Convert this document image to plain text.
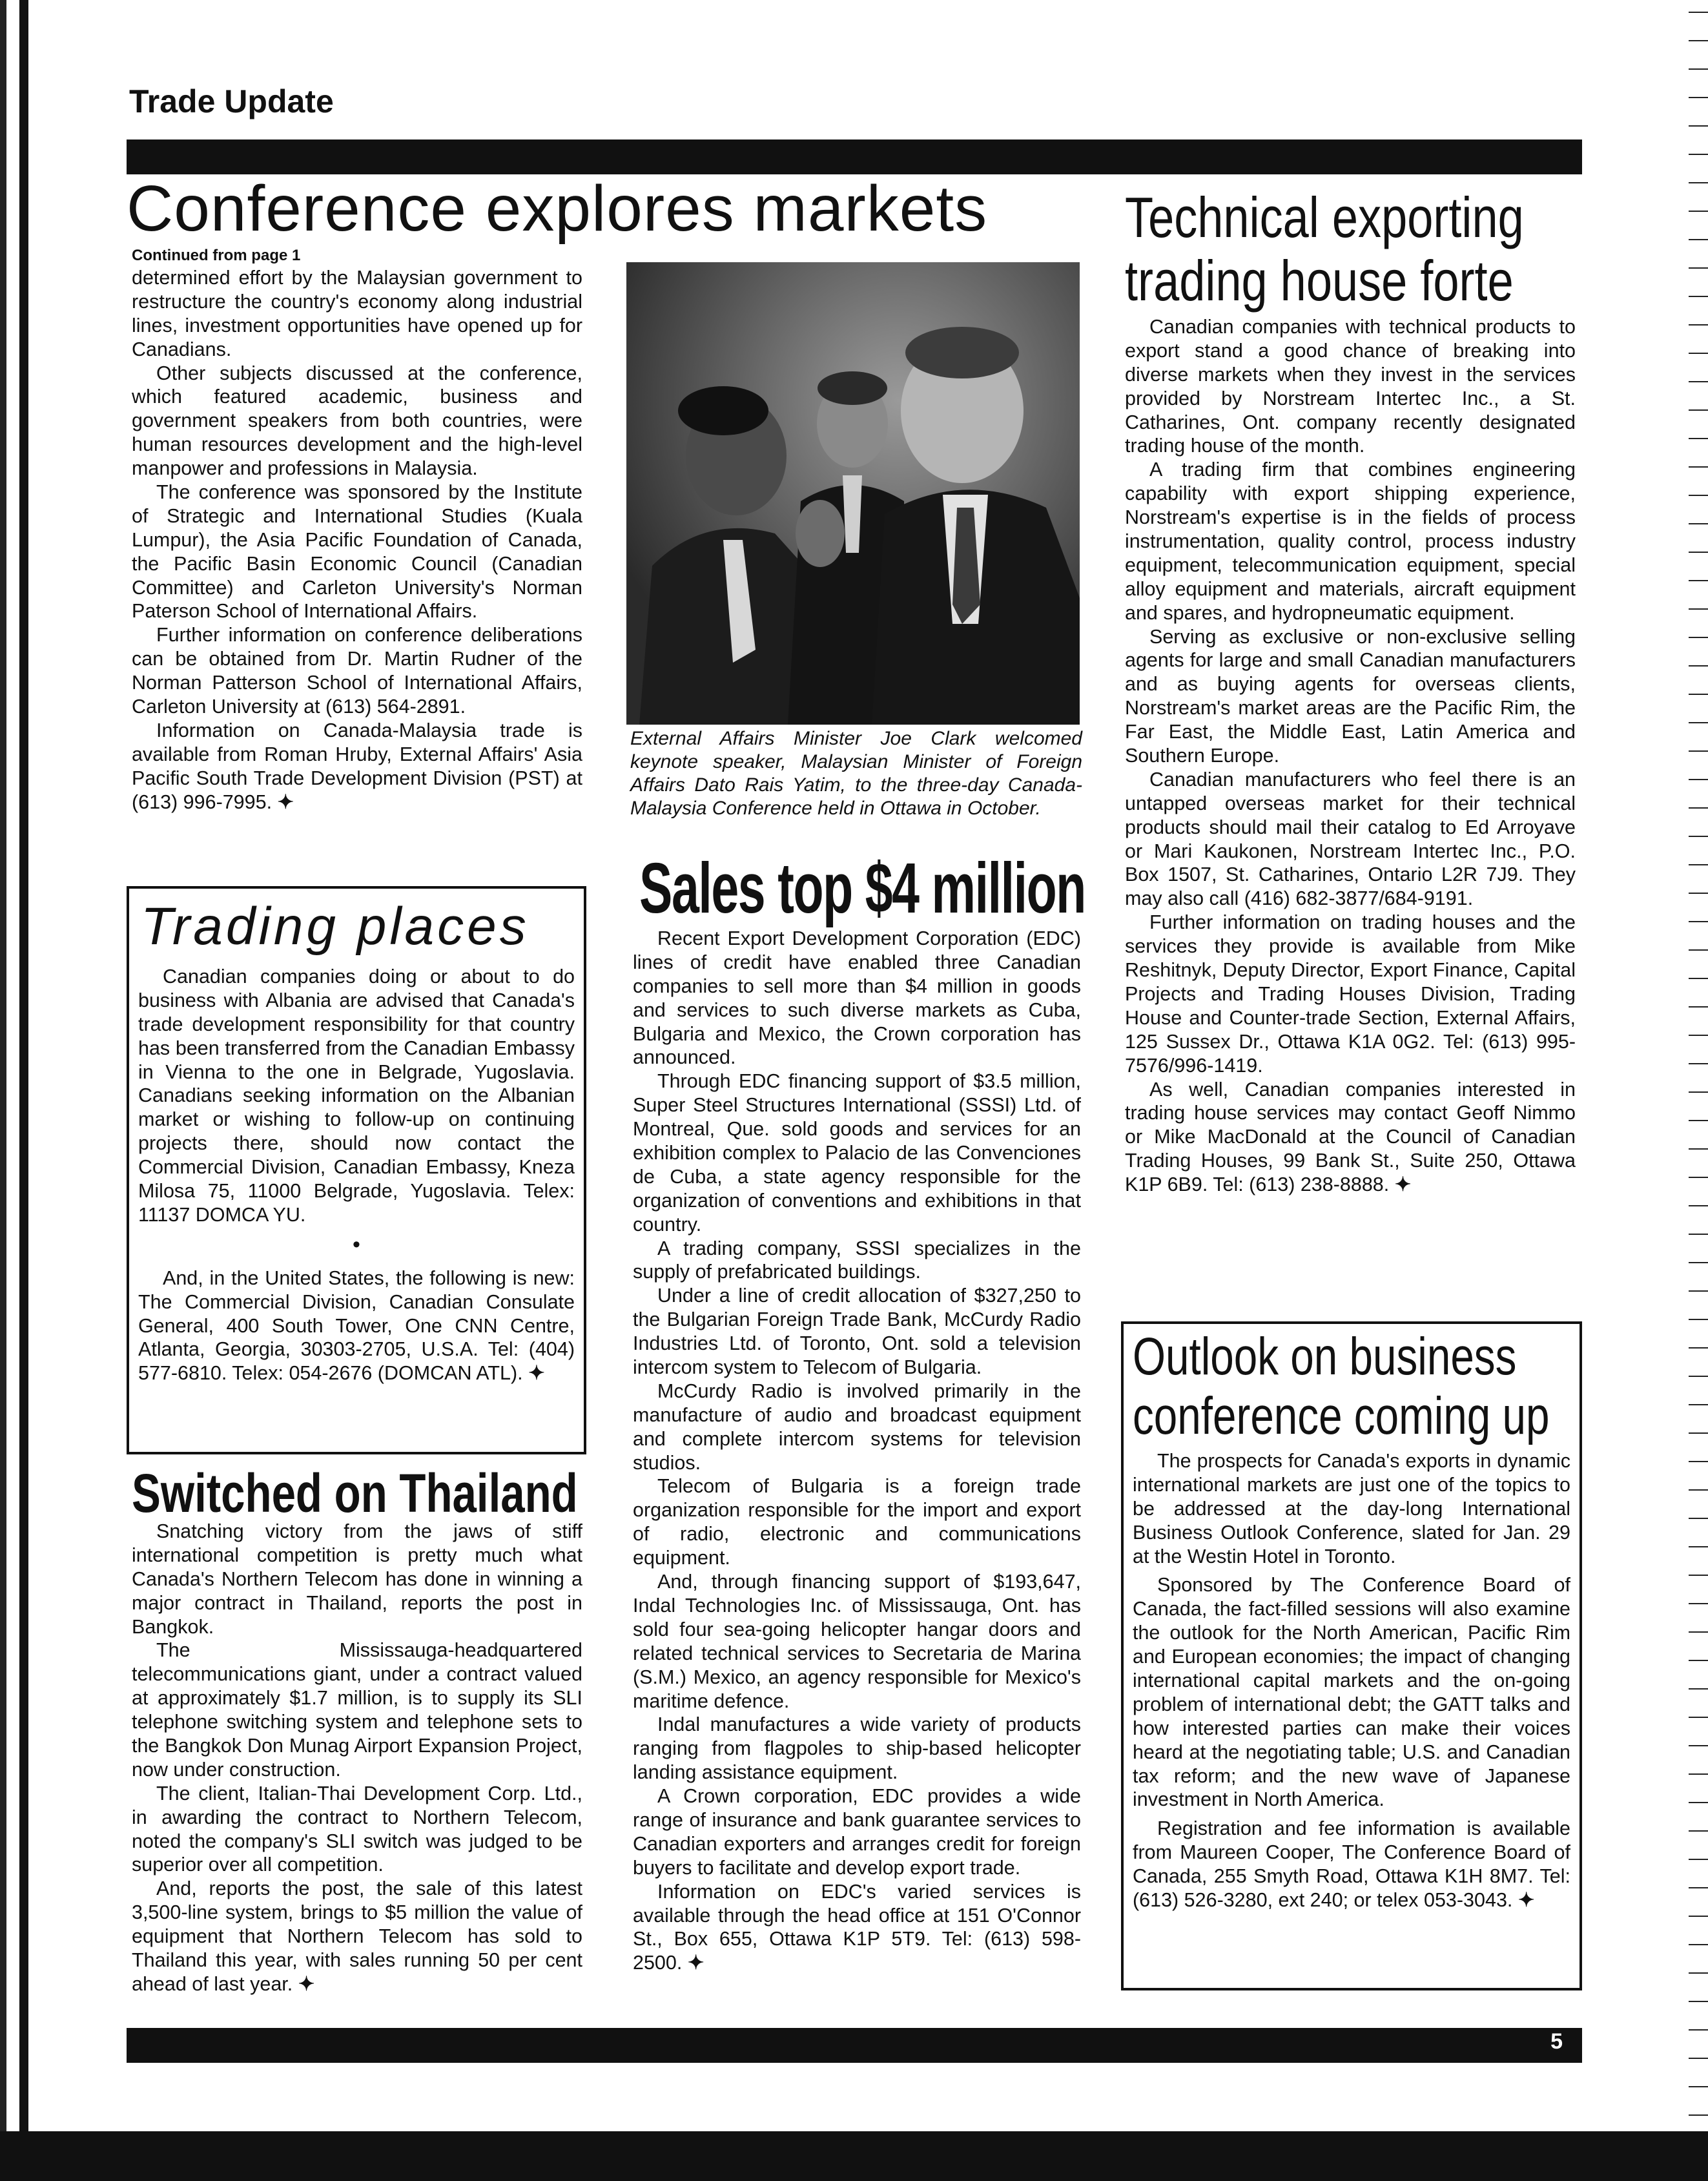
Trade Update
Conference explores markets
Continued from page 1

determined effort by the Malaysian government to restructure the country's economy along industrial lines, investment opportunities have opened up for Canadians.

Other subjects discussed at the conference, which featured academic, business and government speakers from both countries, were human resources development and the high-level manpower and professions in Malaysia.

The conference was sponsored by the Institute of Strategic and International Studies (Kuala Lumpur), the Asia Pacific Foundation of Canada, the Pacific Basin Economic Council (Canadian Committee) and Carleton University's Norman Paterson School of International Affairs.

Further information on conference deliberations can be obtained from Dr. Martin Rudner of the Norman Patterson School of International Affairs, Carleton University at (613) 564-2891.

Information on Canada-Malaysia trade is available from Roman Hruby, External Affairs' Asia Pacific South Trade Development Division (PST) at (613) 996-7995. ✦

Trading places

Canadian companies doing or about to do business with Albania are advised that Canada's trade development responsibility for that country has been transferred from the Canadian Embassy in Vienna to the one in Belgrade, Yugoslavia. Canadians seeking information on the Albanian market or wishing to follow-up on continuing projects there, should now contact the Commercial Division, Canadian Embassy, Kneza Milosa 75, 11000 Belgrade, Yugoslavia. Telex: 11137 DOMCA YU.

•

And, in the United States, the following is new: The Commercial Division, Canadian Consulate General, 400 South Tower, One CNN Centre, Atlanta, Georgia, 30303-2705, U.S.A. Tel: (404) 577-6810. Telex: 054-2676 (DOMCAN ATL). ✦

Switched on Thailand

Snatching victory from the jaws of stiff international competition is pretty much what Canada's Northern Telecom has done in winning a major contract in Thailand, reports the post in Bangkok.

The Mississauga-headquartered telecommunications giant, under a contract valued at approximately $1.7 million, is to supply its SLI telephone switching system and telephone sets to the Bangkok Don Munag Airport Expansion Project, now under construction.

The client, Italian-Thai Development Corp. Ltd., in awarding the contract to Northern Telecom, noted the company's SLI switch was judged to be superior over all competition.

And, reports the post, the sale of this latest 3,500-line system, brings to $5 million the value of equipment that Northern Telecom has sold to Thailand this year, with sales running 50 per cent ahead of last year. ✦

External Affairs Minister Joe Clark welcomed keynote speaker, Malaysian Minister of Foreign Affairs Dato Rais Yatim, to the three-day Canada-Malaysia Conference held in Ottawa in October.
Sales top $4 million

Recent Export Development Corporation (EDC) lines of credit have enabled three Canadian companies to sell more than $4 million in goods and services to such diverse markets as Cuba, Bulgaria and Mexico, the Crown corporation has announced.

Through EDC financing support of $3.5 million, Super Steel Structures International (SSSI) Ltd. of Montreal, Que. sold goods and services for an exhibition complex to Palacio de las Convenciones de Cuba, a state agency responsible for the organization of conventions and exhibitions in that country.

A trading company, SSSI specializes in the supply of prefabricated buildings.

Under a line of credit allocation of $327,250 to the Bulgarian Foreign Trade Bank, McCurdy Radio Industries Ltd. of Toronto, Ont. sold a television intercom system to Telecom of Bulgaria.

McCurdy Radio is involved primarily in the manufacture of audio and broadcast equipment and complete intercom systems for television studios.

Telecom of Bulgaria is a foreign trade organization responsible for the import and export of radio, electronic and communications equipment.

And, through financing support of $193,647, Indal Technologies Inc. of Mississauga, Ont. has sold four sea-going helicopter hangar doors and related technical services to Secretaria de Marina (S.M.) Mexico, an agency responsible for Mexico's maritime defence.

Indal manufactures a wide variety of products ranging from flagpoles to ship-based helicopter landing assistance equipment.

A Crown corporation, EDC provides a wide range of insurance and bank guarantee services to Canadian exporters and arranges credit for foreign buyers to facilitate and develop export trade.

Information on EDC's varied services is available through the head office at 151 O'Connor St., Box 655, Ottawa K1P 5T9. Tel: (613) 598-2500. ✦

Technical exporting
trading house forte

Canadian companies with technical products to export stand a good chance of breaking into diverse markets when they invest in the services provided by Norstream Intertec Inc., a St. Catharines, Ont. company recently designated trading house of the month.

A trading firm that combines engineering capability with export shipping experience, Norstream's expertise is in the fields of process instrumentation, quality control, process industry equipment, telecommunication equipment, special alloy equipment and materials, aircraft equipment and spares, and hydropneumatic equipment.

Serving as exclusive or non-exclusive selling agents for large and small Canadian manufacturers and as buying agents for overseas clients, Norstream's market areas are the Pacific Rim, the Far East, the Middle East, Latin America and Southern Europe.

Canadian manufacturers who feel there is an untapped overseas market for their technical products should mail their catalog to Ed Arroyave or Mari Kaukonen, Norstream Intertec Inc., P.O. Box 1507, St. Catharines, Ontario L2R 7J9. They may also call (416) 682-3877/684-9191.

Further information on trading houses and the services they provide is available from Mike Reshitnyk, Deputy Director, Export Finance, Capital Projects and Trading Houses Division, Trading House and Counter-trade Section, External Affairs, 125 Sussex Dr., Ottawa K1A 0G2. Tel: (613) 995-7576/996-1419.

As well, Canadian companies interested in trading house services may contact Geoff Nimmo or Mike MacDonald at the Council of Canadian Trading Houses, 99 Bank St., Suite 250, Ottawa K1P 6B9. Tel: (613) 238-8888. ✦

Outlook on business
conference coming up

The prospects for Canada's exports in dynamic international markets are just one of the topics to be addressed at the day-long International Business Outlook Conference, slated for Jan. 29 at the Westin Hotel in Toronto.

Sponsored by The Conference Board of Canada, the fact-filled sessions will also examine the outlook for the North American, Pacific Rim and European economies; the impact of changing international capital markets and the on-going problem of international debt; the GATT talks and how interested parties can make their voices heard at the negotiating table; U.S. and Canadian tax reform; and the new wave of Japanese investment in North America.

Registration and fee information is available from Maureen Cooper, The Conference Board of Canada, 255 Smyth Road, Ottawa K1H 8M7. Tel: (613) 526-3280, ext 240; or telex 053-3043. ✦

5
